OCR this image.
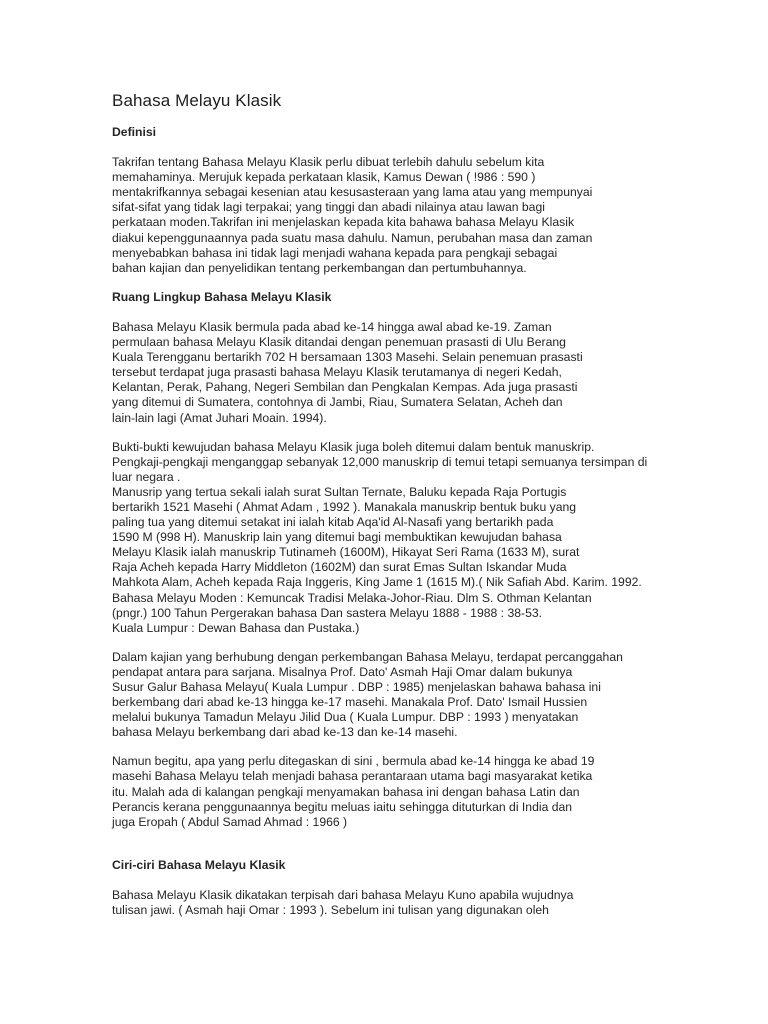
Bahasa Melayu Klasik

Definisi

Takrifan tentang Bahasa Melayu Klasik perlu dibuat terlebih dahulu sebelum kita
memahaminya. Merujuk kepada perkataan klasik, Kamus Dewan ( !986 : 590 )
mentakrifkannya sebagai kesenian atau kesusasteraan yang lama atau yang mempunyai
sifat-sifat yang tidak lagi terpakai; yang tinggi dan abadi nilainya atau lawan bagi
perkataan moden.Takrifan ini menjelaskan kepada kita bahawa bahasa Melayu Klasik
diakui kepenggunaannya pada suatu masa dahulu. Namun, perubahan masa dan zaman
menyebabkan bahasa ini tidak lagi menjadi wahana kepada para pengkaji sebagai
bahan kajian dan penyelidikan tentang perkembangan dan pertumbuhannya.

Ruang Lingkup Bahasa Melayu Klasik

Bahasa Melayu Klasik bermula pada abad ke-14 hingga awal abad ke-19. Zaman
permulaan bahasa Melayu Klasik ditandai dengan penemuan prasasti di Ulu Berang
Kuala Terengganu bertarikh 702 H bersamaan 1303 Masehi. Selain penemuan prasasti
tersebut terdapat juga prasasti bahasa Melayu Klasik terutamanya di negeri Kedah,
Kelantan, Perak, Pahang, Negeri Sembilan dan Pengkalan Kempas. Ada juga prasasti
yang ditemui di Sumatera, contohnya di Jambi, Riau, Sumatera Selatan, Acheh dan
lain-lain lagi (Amat Juhari Moain. 1994).
Bukti-bukti kewujudan bahasa Melayu Klasik juga boleh ditemui dalam bentuk manuskrip.
Pengkaji-pengkaji menganggap sebanyak 12,000 manuskrip di temui tetapi semuanya tersimpan di
luar negara .
Manusrip yang tertua sekali ialah surat Sultan Ternate, Baluku kepada Raja Portugis
bertarikh 1521 Masehi ( Ahmat Adam , 1992 ). Manakala manuskrip bentuk buku yang
paling tua yang ditemui setakat ini ialah kitab Aqa'id Al-Nasafi yang bertarikh pada
1590 M (998 H). Manuskrip lain yang ditemui bagi membuktikan kewujudan bahasa
Melayu Klasik ialah manuskrip Tutinameh (1600M), Hikayat Seri Rama (1633 M), surat
Raja Acheh kepada Harry Middleton (1602M) dan surat Emas Sultan Iskandar Muda
Mahkota Alam, Acheh kepada Raja Inggeris, King Jame 1 (1615 M).( Nik Safiah Abd. Karim. 1992.
Bahasa Melayu Moden : Kemuncak Tradisi Melaka-Johor-Riau. Dlm S. Othman Kelantan
(pngr.) 100 Tahun Pergerakan bahasa Dan sastera Melayu 1888 - 1988 : 38-53.
Kuala Lumpur : Dewan Bahasa dan Pustaka.)
Dalam kajian yang berhubung dengan perkembangan Bahasa Melayu, terdapat percanggahan
pendapat antara para sarjana. Misalnya Prof. Dato' Asmah Haji Omar dalam bukunya
Susur Galur Bahasa Melayu( Kuala Lumpur . DBP : 1985) menjelaskan bahawa bahasa ini
berkembang dari abad ke-13 hingga ke-17 masehi. Manakala Prof. Dato' Ismail Hussien
melalui bukunya Tamadun Melayu Jilid Dua ( Kuala Lumpur. DBP : 1993 ) menyatakan
bahasa Melayu berkembang dari abad ke-13 dan ke-14 masehi.
Namun begitu, apa yang perlu ditegaskan di sini , bermula abad ke-14 hingga ke abad 19
masehi Bahasa Melayu telah menjadi bahasa perantaraan utama bagi masyarakat ketika
itu. Malah ada di kalangan pengkaji menyamakan bahasa ini dengan bahasa Latin dan
Perancis kerana penggunaannya begitu meluas iaitu sehingga dituturkan di India dan
juga Eropah ( Abdul Samad Ahmad : 1966 )

Ciri-ciri Bahasa Melayu Klasik

Bahasa Melayu Klasik dikatakan terpisah dari bahasa Melayu Kuno apabila wujudnya
tulisan jawi. ( Asmah haji Omar : 1993 ). Sebelum ini tulisan yang digunakan oleh
